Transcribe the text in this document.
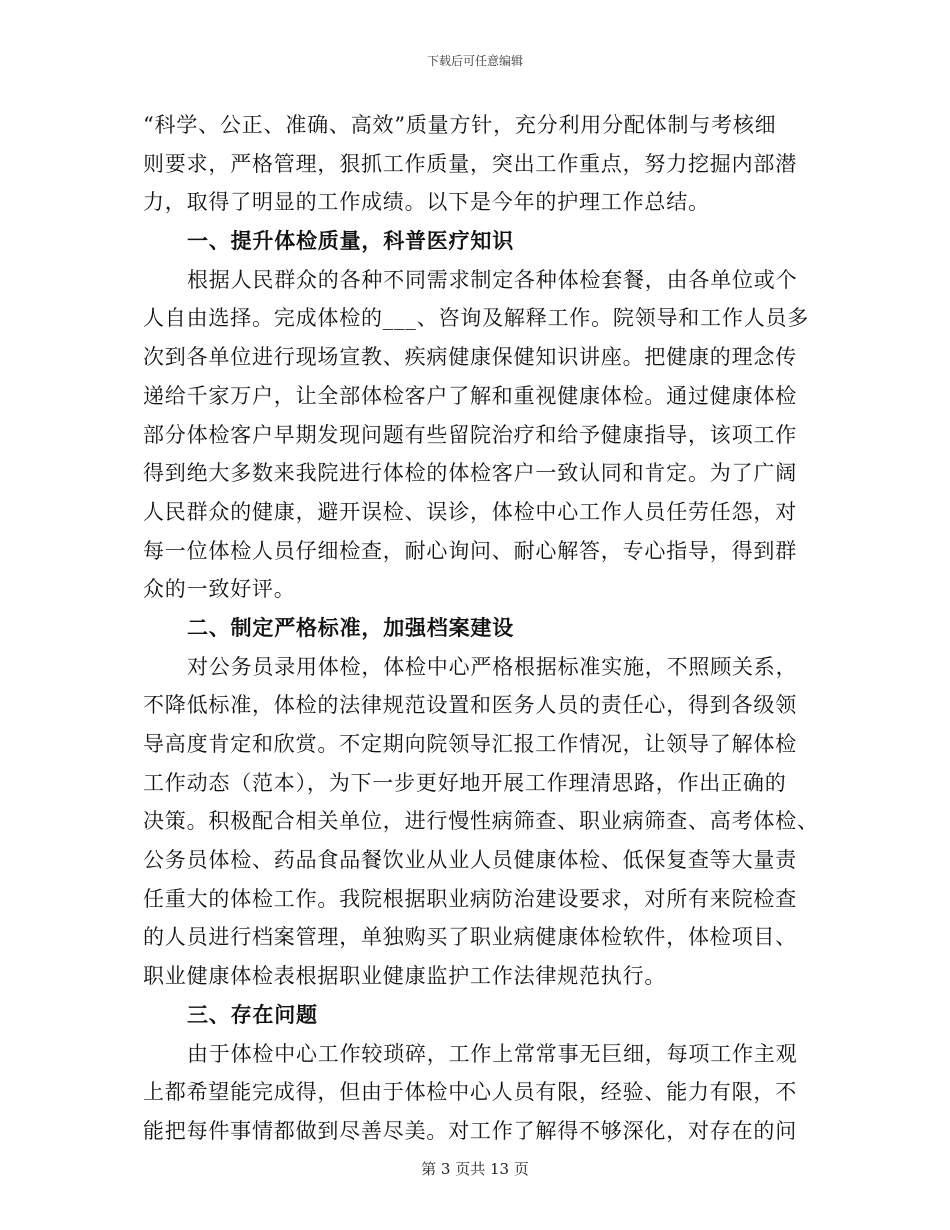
下载后可任意编辑
“科学、公正、准确、高效”质量方针，充分利用分配体制与考核细
则要求，严格管理，狠抓工作质量，突出工作重点，努力挖掘内部潜
力，取得了明显的工作成绩。以下是今年的护理工作总结。
一、提升体检质量，科普医疗知识
根据人民群众的各种不同需求制定各种体检套餐，由各单位或个
人自由选择。完成体检的___、咨询及解释工作。院领导和工作人员多
次到各单位进行现场宣教、疾病健康保健知识讲座。把健康的理念传
递给千家万户，让全部体检客户了解和重视健康体检。通过健康体检
部分体检客户早期发现问题有些留院治疗和给予健康指导，该项工作
得到绝大多数来我院进行体检的体检客户一致认同和肯定。为了广阔
人民群众的健康，避开误检、误诊，体检中心工作人员任劳任怨，对
每一位体检人员仔细检查，耐心询问、耐心解答，专心指导，得到群
众的一致好评。
二、制定严格标准，加强档案建设
对公务员录用体检，体检中心严格根据标准实施，不照顾关系，
不降低标准，体检的法律规范设置和医务人员的责任心，得到各级领
导高度肯定和欣赏。不定期向院领导汇报工作情况，让领导了解体检
工作动态（范本），为下一步更好地开展工作理清思路，作出正确的
决策。积极配合相关单位，进行慢性病筛查、职业病筛查、高考体检、
公务员体检、药品食品餐饮业从业人员健康体检、低保复查等大量责
任重大的体检工作。我院根据职业病防治建设要求，对所有来院检查
的人员进行档案管理，单独购买了职业病健康体检软件，体检项目、
职业健康体检表根据职业健康监护工作法律规范执行。
三、存在问题
由于体检中心工作较琐碎，工作上常常事无巨细，每项工作主观
上都希望能完成得，但由于体检中心人员有限，经验、能力有限，不
能把每件事情都做到尽善尽美。对工作了解得不够深化，对存在的问
第 3 页共 13 页
